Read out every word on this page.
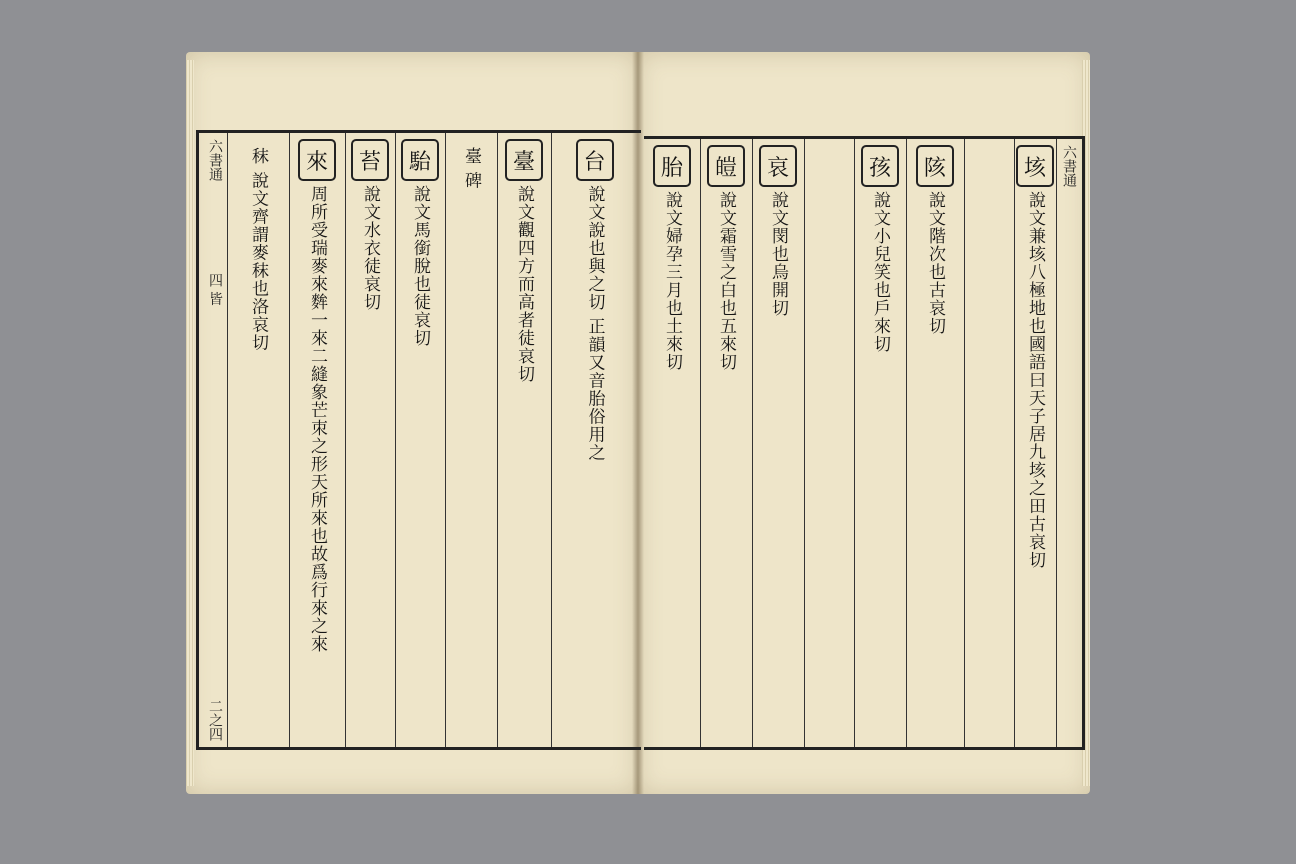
六書通
四 皆
二之四
秣 說文齊謂麥秣也洛哀切	來
周所受瑞麥來麰一來二縫象芒朿之形天所來也故爲行來之來
苔
說文水衣徒哀切
駘
說文馬銜脫也徒哀切
臺 碑	臺
說文觀四方而高者徒哀切
台
說文說也與之切 正韻又音胎俗用之
胎
說文婦孕三月也土來切
皚
說文霜雪之白也五來切
哀
說文閔也烏開切
孩
說文小兒笑也戶來切
陔
說文階次也古哀切
垓
說文兼垓八極地也國語曰天子居九垓之田古哀切
六書通
